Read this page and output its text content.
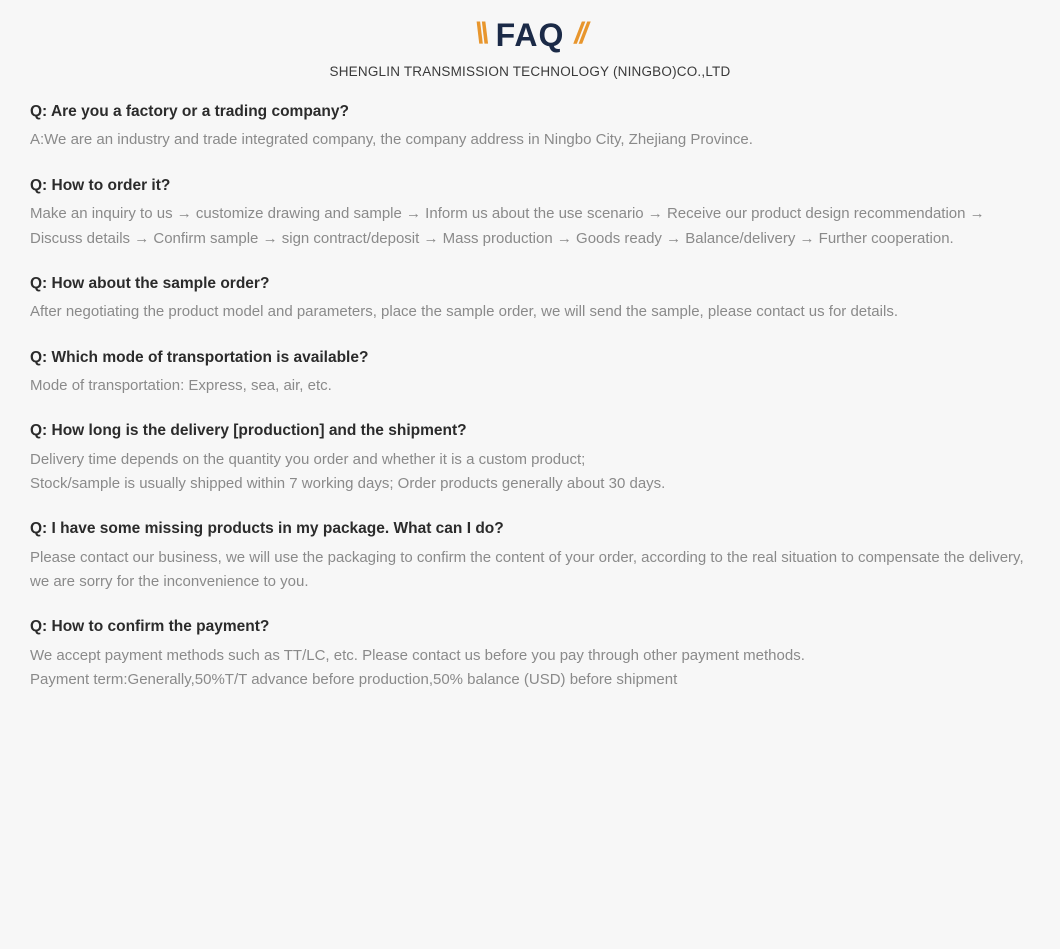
\\ FAQ //
SHENGLIN TRANSMISSION TECHNOLOGY (NINGBO)CO.,LTD
Q: Are you a factory or a trading company?
A:We are an industry and trade integrated company, the company address in Ningbo City, Zhejiang Province.
Q: How to order it?
Make an inquiry to us → customize drawing and sample → Inform us about the use scenario → Receive our product design recommendation → Discuss details → Confirm sample → sign contract/deposit → Mass production → Goods ready → Balance/delivery → Further cooperation.
Q: How about the sample order?
After negotiating the product model and parameters, place the sample order, we will send the sample, please contact us for details.
Q: Which mode of transportation is available?
Mode of transportation: Express, sea, air, etc.
Q: How long is the delivery [production] and the shipment?
Delivery time depends on the quantity you order and whether it is a custom product;
Stock/sample is usually shipped within 7 working days; Order products generally about 30 days.
Q: I have some missing products in my package. What can I do?
Please contact our business, we will use the packaging to confirm the content of your order, according to the real situation to compensate the delivery, we are sorry for the inconvenience to you.
Q: How to confirm the payment?
We accept payment methods such as TT/LC, etc. Please contact us before you pay through other payment methods.
Payment term:Generally,50%T/T advance before production,50% balance (USD) before shipment
